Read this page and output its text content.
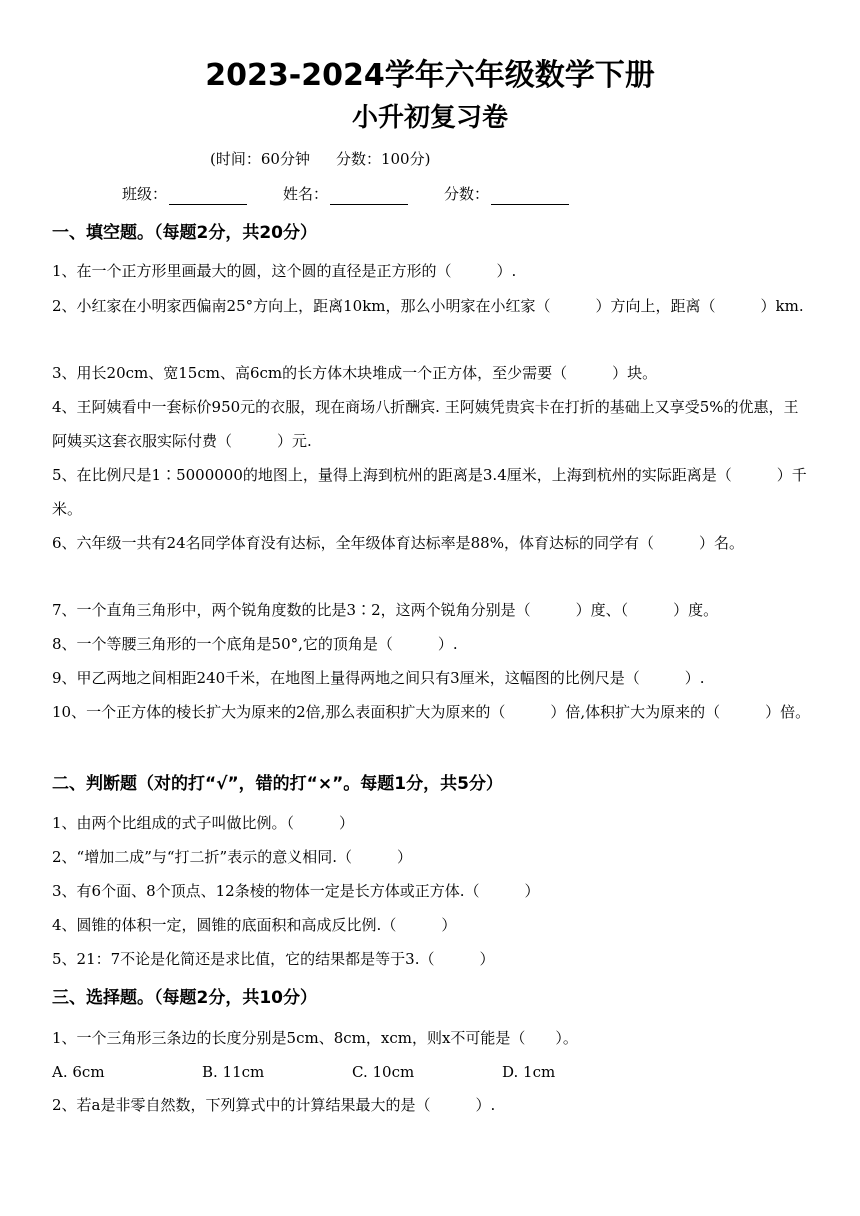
2023-2024学年六年级数学下册
小升初复习卷
(时间：60分钟 分数：100分)
班级：	姓名：	分数：
一、填空题。（每题2分，共20分）
1、在一个正方形里画最大的圆，这个圆的直径是正方形的（　　　）.
2、小红家在小明家西偏南25°方向上，距离10km，那么小明家在小红家（　　　）方向上，距离（　　　）km.
3、用长20cm、宽15cm、高6cm的长方体木块堆成一个正方体，至少需要（　　　）块。
4、王阿姨看中一套标价950元的衣服，现在商场八折酬宾. 王阿姨凭贵宾卡在打折的基础上又享受5%的优惠，王阿姨买这套衣服实际付费（　　　）元.
5、在比例尺是1∶5000000的地图上，量得上海到杭州的距离是3.4厘米，上海到杭州的实际距离是（　　　）千米。
6、六年级一共有24名同学体育没有达标，全年级体育达标率是88%，体育达标的同学有（　　　）名。
7、一个直角三角形中，两个锐角度数的比是3∶2，这两个锐角分别是（　　　）度、（　　　）度。
8、一个等腰三角形的一个底角是50°,它的顶角是（　　　）.
9、甲乙两地之间相距240千米，在地图上量得两地之间只有3厘米，这幅图的比例尺是（　　　）.
10、一个正方体的棱长扩大为原来的2倍,那么表面积扩大为原来的（　　　）倍,体积扩大为原来的（　　　）倍。
二、判断题（对的打“√”，错的打“×”。每题1分，共5分）
1、由两个比组成的式子叫做比例。（　　　）
2、“增加二成”与“打二折”表示的意义相同.（　　　）
3、有6个面、8个顶点、12条棱的物体一定是长方体或正方体.（　　　）
4、圆锥的体积一定，圆锥的底面积和高成反比例.（　　　）
5、21：7不论是化简还是求比值，它的结果都是等于3.（　　　）
三、选择题。（每题2分，共10分）
1、一个三角形三条边的长度分别是5cm、8cm，xcm，则x不可能是（　　）。
A. 6cm	B. 11cm	C. 10cm	D. 1cm
2、若a是非零自然数，下列算式中的计算结果最大的是（　　　）.
